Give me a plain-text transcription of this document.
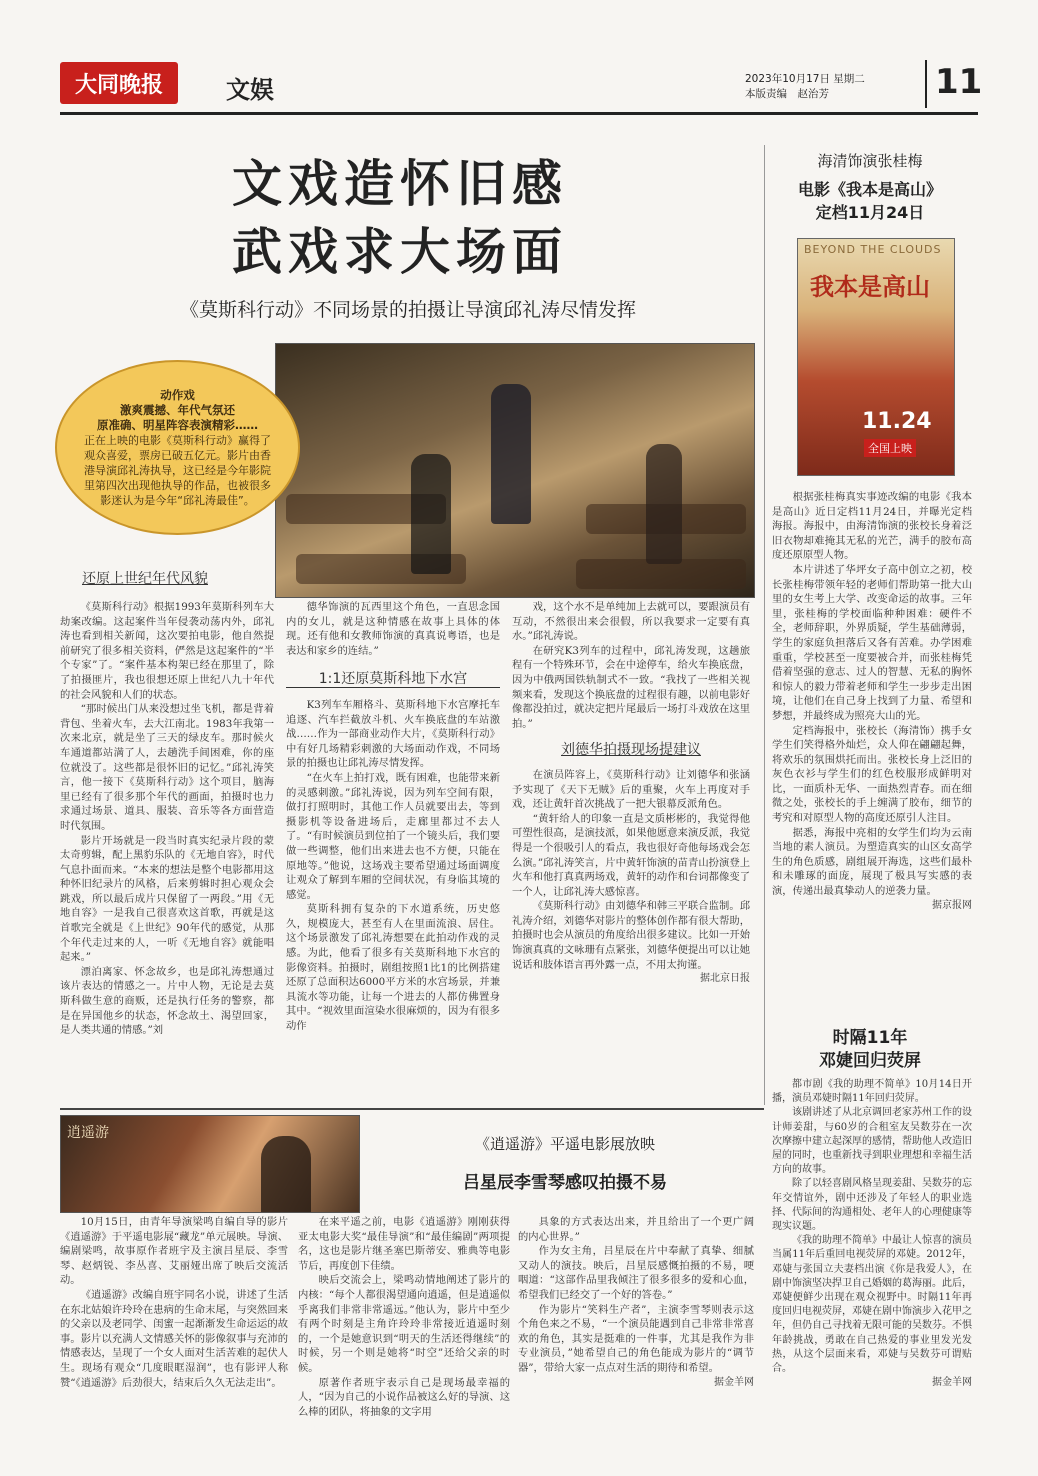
大同晚报	文娱	2023年10月17日 星期二
本版责编　赵治芳	11
文戏造怀旧感
武戏求大场面
《莫斯科行动》不同场景的拍摄让导演邱礼涛尽情发挥

动作戏

激爽震撼、年代气氛还

原准确、明星阵容表演精彩……

正在上映的电影《莫斯科行动》赢得了观众喜爱，票房已破五亿元。影片由香港导演邱礼涛执导，这已经是今年影院里第四次出现他执导的作品，也被很多影迷认为是今年“邱礼涛最佳”。

还原上世纪年代风貌

《莫斯科行动》根据1993年莫斯科列车大劫案改编。这起案件当年侵袭动荡内外，邱礼涛也看到相关新闻，这次要拍电影，他自然提前研究了很多相关资料，俨然是这起案件的“半个专家”了。“案件基本构架已经在那里了，除了拍摄匪片，我也很想还原上世纪八九十年代的社会风貌和人们的状态。

“那时候出门从来没想过坐飞机，都是背着背包、坐着火车，去大江南北。1983年我第一次来北京，就是坐了三天的绿皮车。那时候火车通道都站满了人，去趟洗手间困难，你的座位就没了。这些都是很怀旧的记忆。”邱礼涛笑言，他一接下《莫斯科行动》这个项目，脑海里已经有了很多那个年代的画面，拍摄时也力求通过场景、道具、服装、音乐等各方面营造时代氛围。

影片开场就是一段当时真实纪录片段的蒙太奇剪辑，配上黑豹乐队的《无地自容》，时代气息扑面而来。“本来的想法是整个电影都用这种怀旧纪录片的风格，后来剪辑时担心观众会跳戏，所以最后成片只保留了一两段。”用《无地自容》一是我自己很喜欢这首歌，再就是这首歌完全就是《上世纪》90年代的感觉，从那个年代走过来的人，一听《无地自容》就能唱起来。”

漂泊离家、怀念故乡，也是邱礼涛想通过该片表达的情感之一。片中人物，无论是去莫斯科做生意的商贩，还是执行任务的警察，都是在异国他乡的状态，怀念故土、渴望回家，是人类共通的情感。”刘

德华饰演的瓦西里这个角色，一直思念国内的女儿，就是这种情感在故事上具体的体现。还有他和女教师饰演的真真说粤语，也是表达和家乡的连结。”

1:1还原莫斯科地下水宫

K3列车车厢格斗、莫斯科地下水宫摩托车追逐、汽车拦截放斗机、火车换底盘的车站激战……作为一部商业动作大片，《莫斯科行动》中有好几场精彩刺激的大场面动作戏，不同场景的拍摄也让邱礼涛尽情发挥。

“在火车上拍打戏，既有困难，也能带来新的灵感刺激。”邱礼涛说，因为列车空间有限，做打打照明时，其他工作人员就要出去，等到摄影机等设备进场后，走廊里都过不去人了。“有时候演员到位拍了一个镜头后，我们要做一些调整，他们出来进去也不方便，只能在原地等。”他说，这场戏主要希望通过场面调度让观众了解到车厢的空间状况，有身临其境的感觉。

莫斯科拥有复杂的下水道系统，历史悠久，规模庞大，甚至有人在里面流浪、居住。这个场景激发了邱礼涛想要在此拍动作戏的灵感。为此，他看了很多有关莫斯科地下水宫的影像资料。拍摄时，剧组按照1比1的比例搭建还原了总面积达6000平方米的水宫场景，并兼具流水等功能，让每一个进去的人都仿佛置身其中。“视效里面渲染水很麻烦的，因为有很多动作

戏，这个水不是单纯加上去就可以，要跟演员有互动，不然很出来会很假，所以我要求一定要有真水。”邱礼涛说。

在研究K3列车的过程中，邱礼涛发现，这趟旅程有一个特殊环节，会在中途停车，给火车换底盘，因为中俄两国铁轨制式不一致。“我找了一些相关视频来看，发现这个换底盘的过程很有趣，以前电影好像都没拍过，就决定把片尾最后一场打斗戏放在这里拍。”

刘德华拍摄现场提建议

在演员阵容上，《莫斯科行动》让刘德华和张涵予实现了《天下无贼》后的重聚，火车上再度对手戏，还让黄轩首次挑战了一把大银幕反派角色。

“黄轩给人的印象一直是文质彬彬的，我觉得他可塑性很高，是演技派，如果他愿意来演反派，我觉得是一个很吸引人的看点，我也很好奇他每场戏会怎么演。”邱礼涛笑言，片中黄轩饰演的苗青山扮演登上火车和他打真真两场戏，黄轩的动作和台词都像变了一个人，让邱礼涛大感惊喜。

《莫斯科行动》由刘德华和韩三平联合监制。邱礼涛介绍，刘德华对影片的整体创作都有很大帮助，拍摄时也会从演员的角度给出很多建议。比如一开始饰演真真的文咏珊有点紧张，刘德华便提出可以让她说话和肢体语言再外露一点，不用太拘谨。

据北京日报
海清饰演张桂梅
电影《我本是高山》
定档11月24日
BEYOND THE CLOUDS
我本是高山
11.24
全国上映

根据张桂梅真实事迹改编的电影《我本是高山》近日定档11月24日，并曝光定档海报。海报中，由海清饰演的张校长身着泛旧衣物却难掩其无私的光芒，满手的胶布高度还原原型人物。

本片讲述了华坪女子高中创立之初，校长张桂梅带领年轻的老师们帮助第一批大山里的女生考上大学、改变命运的故事。三年里，张桂梅的学校面临种种困难：硬件不全，老师辞职，外界质疑，学生基础薄弱，学生的家庭负担落后又各有苦难。办学困难重重，学校甚至一度要被合并，而张桂梅凭借着坚强的意志、过人的智慧、无私的胸怀和惊人的毅力带着老师和学生一步步走出困境，让他们在自己身上找到了力量、希望和梦想，并最终成为照亮大山的光。

定档海报中，张校长（海清饰）携手女学生们笑得格外灿烂，众人仰在翩翩起舞，将欢乐的氛围烘托而出。张校长身上泛旧的灰色衣衫与学生们的红色校服形成鲜明对比，一面质朴无华、一面热烈青春。而在细微之处，张校长的手上缠满了胶布，细节的考究和对原型人物的高度还原引人注目。

据悉，海报中亮相的女学生们均为云南当地的素人演员。为塑造真实的山区女高学生的角色质感，剧组展开海选，这些们最朴和未雕琢的面庞，展现了极具写实感的表演，传递出最真挚动人的逆袭力量。

据京报网
时隔11年
邓婕回归荧屏

都市剧《我的助理不简单》10月14日开播，演员邓婕时隔11年回归荧屏。

该剧讲述了从北京调回老家苏州工作的设计师姜甜，与60岁的合租室友吴数芬在一次次摩擦中建立起深厚的感情，帮助他人改造旧屋的同时，也重新找寻到职业理想和幸福生活方向的故事。

除了以轻喜剧风格呈现姜甜、吴数芬的忘年交情谊外，剧中还涉及了年轻人的职业选择、代际间的沟通相处、老年人的心理健康等现实议题。

《我的助理不简单》中最让人惊喜的演员当属11年后重回电视荧屏的邓婕。2012年，邓婕与张国立夫妻档出演《你是我爱人》，在剧中饰演坚决捍卫自己婚姻的葛海丽。此后，邓婕便鲜少出现在观众视野中。时隔11年再度回归电视荧屏，邓婕在剧中饰演步入花甲之年，但仍自己寻找着无限可能的吴数芬。不惧年龄挑战，勇敢在自己热爱的事业里发光发热，从这个层面来看，邓婕与吴数芬可谓贴合。

据金羊网
逍遥游
《逍遥游》平遥电影展放映
吕星辰李雪琴感叹拍摄不易

10月15日，由青年导演梁鸣自编自导的影片《逍遥游》于平遥电影展“藏龙”单元展映。导演、编剧梁鸣，故事原作者班宇及主演吕星辰、李雪琴、赵炳锐、李丛喜、艾丽娅出席了映后交流活动。

《逍遥游》改编自班宇同名小说，讲述了生活在东北姑娘许玲玲在患病的生命末尾，与突然回来的父亲以及老同学、闺蜜一起渐渐发生命运运的故事。影片以充满人文情感关怀的影像叙事与充沛的情感表达，呈现了一个女人面对生活苦难的起伏人生。现场有观众“几度眼眶湿润”，也有影评人称赞“《逍遥游》后劲很大，结束后久久无法走出”。

在来平遥之前，电影《逍遥游》刚刚获得亚太电影大奖“最佳导演”和“最佳编剧”两项提名，这也是影片继圣塞巴斯蒂安、雅典等电影节后，再度创下佳绩。

映后交流会上，梁鸣动情地阐述了影片的内核：“每个人都很渴望通向逍遥，但是逍遥似乎离我们非常非常遥远。”他认为，影片中至少有两个时刻是主角许玲玲非常接近逍遥时刻的，一个是她意识到“明天的生活还得继续”的时候，另一个则是她将“时空”还给父亲的时候。

原著作者班宇表示自己是现场最幸福的人，“因为自己的小说作品被这么好的导演、这么棒的团队，将抽象的文字用

具象的方式表达出来，并且给出了一个更广阔的内心世界。”

作为女主角，吕星辰在片中奉献了真挚、细腻又动人的演技。映后，吕星辰感慨拍摄的不易，哽咽道：“这部作品里我倾注了很多很多的爱和心血，希望我们已经交了一个好的答卷。”

作为影片“笑料生产者”，主演李雪琴则表示这个角色来之不易，“一个演员能遇到自己非常非常喜欢的角色，其实是挺难的一件事，尤其是我作为非专业演员，”她希望自己的角色能成为影片的“调节器”，带给大家一点点对生活的期待和希望。

据金羊网
